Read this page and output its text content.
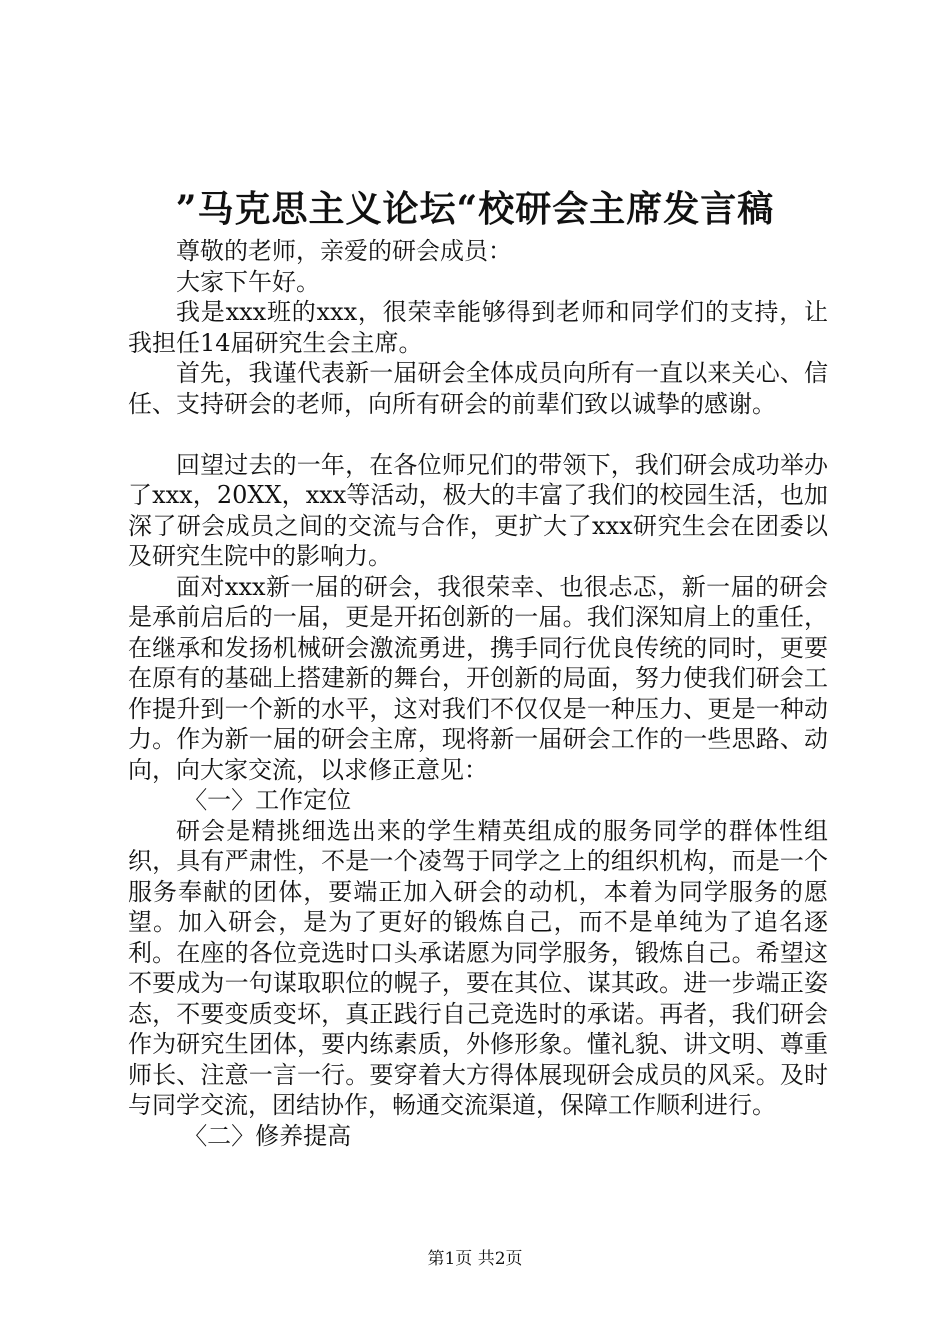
”马克思主义论坛“校研会主席发言稿

尊敬的老师，亲爱的研会成员：

大家下午好。

我是xxx班的xxx，很荣幸能够得到老师和同学们的支持，让我担任14届研究生会主席。

首先，我谨代表新一届研会全体成员向所有一直以来关心、信任、支持研会的老师，向所有研会的前辈们致以诚挚的感谢。

回望过去的一年，在各位师兄们的带领下，我们研会成功举办了xxx，20XX，xxx等活动，极大的丰富了我们的校园生活，也加深了研会成员之间的交流与合作，更扩大了xxx研究生会在团委以及研究生院中的影响力。

面对xxx新一届的研会，我很荣幸、也很忐忑，新一届的研会是承前启后的一届，更是开拓创新的一届。我们深知肩上的重任，在继承和发扬机械研会激流勇进，携手同行优良传统的同时，更要在原有的基础上搭建新的舞台，开创新的局面，努力使我们研会工作提升到一个新的水平，这对我们不仅仅是一种压力、更是一种动力。作为新一届的研会主席，现将新一届研会工作的一些思路、动向，向大家交流，以求修正意见：

〈一〉工作定位

研会是精挑细选出来的学生精英组成的服务同学的群体性组织，具有严肃性，不是一个凌驾于同学之上的组织机构，而是一个服务奉献的团体，要端正加入研会的动机，本着为同学服务的愿望。加入研会，是为了更好的锻炼自己，而不是单纯为了追名逐利。在座的各位竞选时口头承诺愿为同学服务，锻炼自己。希望这不要成为一句谋取职位的幌子，要在其位、谋其政。进一步端正姿态，不要变质变坏，真正践行自己竞选时的承诺。再者，我们研会作为研究生团体，要内练素质，外修形象。懂礼貌、讲文明、尊重师长、注意一言一行。要穿着大方得体展现研会成员的风采。及时与同学交流，团结协作，畅通交流渠道，保障工作顺利进行。

〈二〉修养提高

第1页 共2页
